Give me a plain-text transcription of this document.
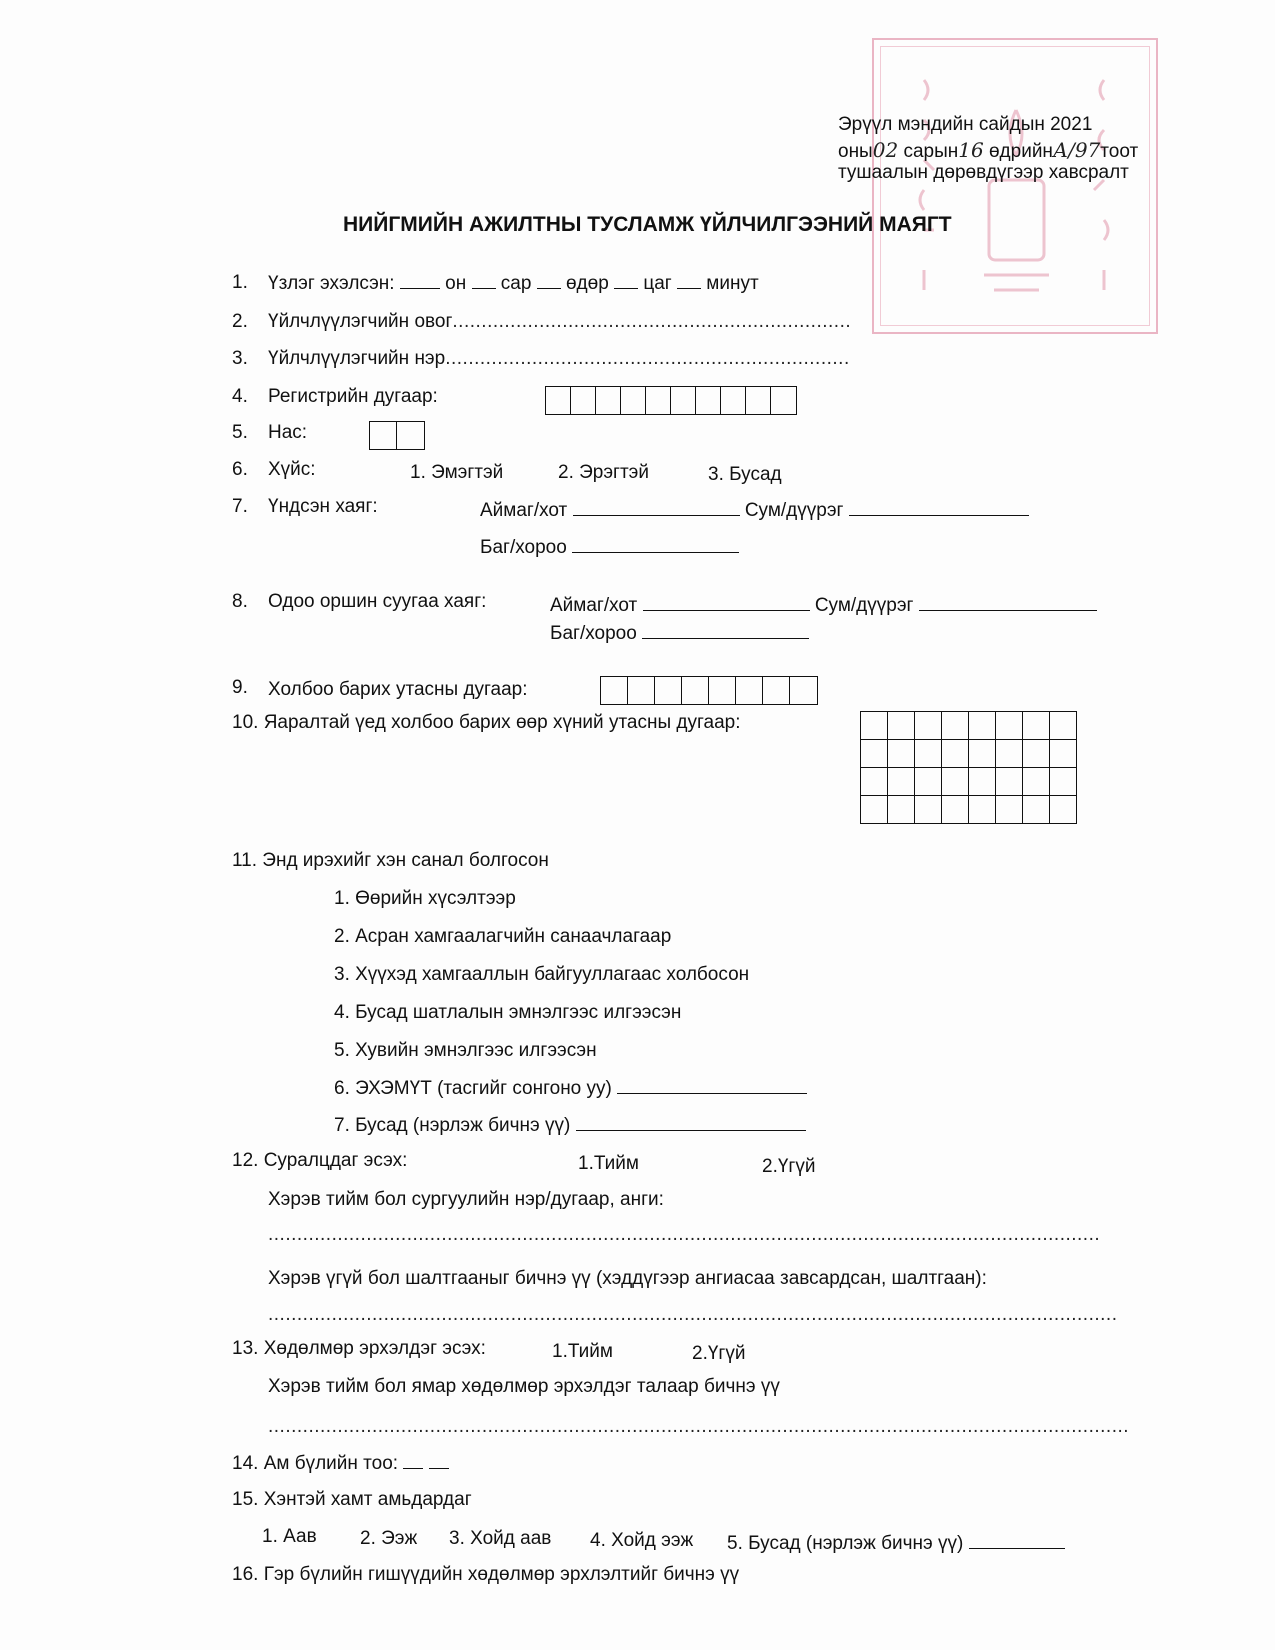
Эрүүл мэндийн сайдын 2021
оны02 сарын16 өдрийнА/97тоот
тушаалын дөрөвдүгээр хавсралт
НИЙГМИЙН АЖИЛТНЫ ТУСЛАМЖ ҮЙЛЧИЛГЭЭНИЙ МАЯГТ
1. Үзлэг эхэлсэн:	он сар өдөр цаг минут
2. Үйлчлүүлэгчийн овог.....................................................................
3. Үйлчлүүлэгчийн нэр......................................................................
4. Регистрийн дугаар:
5. Нас:
6. Хүйс:	1. Эмэгтэй	2. Эрэгтэй	3. Бусад
7. Үндсэн хаяг:	Аймаг/хот	Сум/дүүрэг
Баг/хороо
8. Одоо оршин суугаа хаяг:	Аймаг/хот	Сум/дүүрэг
Баг/хороо
9. Холбоо барих утасны дугаар:
10. Яаралтай үед холбоо барих өөр хүний утасны дугаар:
11. Энд ирэхийг хэн санал болгосон
1. Өөрийн хүсэлтээр
2. Асран хамгаалагчийн санаачлагаар
3. Хүүхэд хамгааллын байгууллагаас холбосон
4. Бусад шатлалын эмнэлгээс илгээсэн
5. Хувийн эмнэлгээс илгээсэн
6. ЭХЭМҮТ (тасгийг сонгоно уу)
7. Бусад (нэрлэж бичнэ үү)
12. Суралцдаг эсэх:	1.Тийм	2.Үгүй
Хэрэв тийм бол сургуулийн нэр/дугаар, анги:
................................................................................................................................................
Хэрэв үгүй бол шалтгааныг бичнэ үү (хэддүгээр ангиасаа завсардсан, шалтгаан):
...................................................................................................................................................
13. Хөдөлмөр эрхэлдэг эсэх:	1.Тийм	2.Үгүй
Хэрэв тийм бол ямар хөдөлмөр эрхэлдэг талаар бичнэ үү
.....................................................................................................................................................
14. Ам бүлийн тоо:
15. Хэнтэй хамт амьдардаг
1. Аав 2. Ээж 3. Хойд аав 4. Хойд ээж 5. Бусад (нэрлэж бичнэ үү)
16. Гэр бүлийн гишүүдийн хөдөлмөр эрхлэлтийг бичнэ үү
